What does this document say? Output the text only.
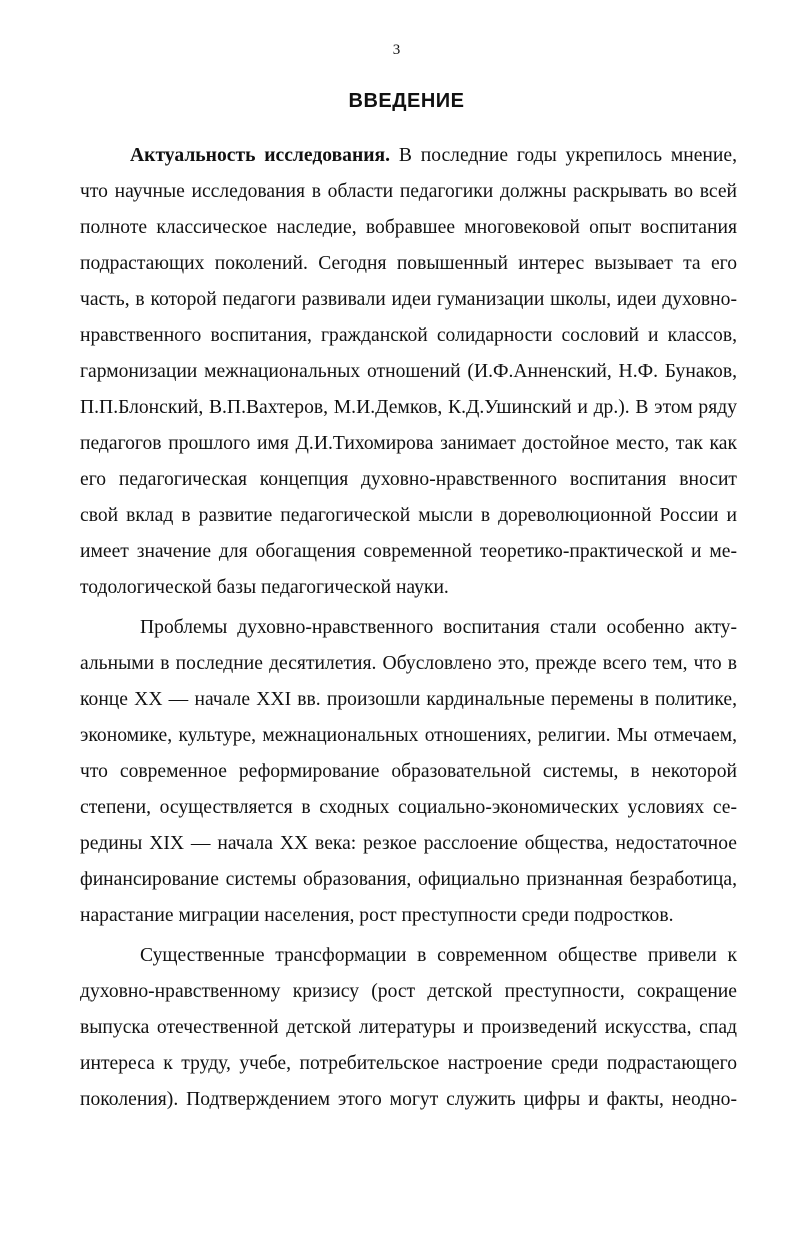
3
ВВЕДЕНИЕ
Актуальность исследования. В последние годы укрепилось мнение,
что научные исследования в области педагогики должны раскрывать во всей
полноте классическое наследие, вобравшее многовековой опыт воспитания
подрастающих поколений. Сегодня повышенный интерес вызывает та его
часть, в которой педагоги развивали идеи гуманизации школы, идеи духовно-
нравственного воспитания, гражданской солидарности сословий и классов,
гармонизации межнациональных отношений (И.Ф.Анненский, Н.Ф. Бунаков,
П.П.Блонский, В.П.Вахтеров, М.И.Демков, К.Д.Ушинский и др.). В этом ряду
педагогов прошлого имя Д.И.Тихомирова занимает достойное место, так как
его педагогическая концепция духовно-нравственного воспитания вносит
свой вклад в развитие педагогической мысли в дореволюционной России и
имеет значение для обогащения современной теоретико-практической и ме-
тодологической базы педагогической науки.
Проблемы духовно-нравственного воспитания стали особенно акту-
альными в последние десятилетия. Обусловлено это, прежде всего тем, что в
конце XX — начале XXI вв. произошли кардинальные перемены в политике,
экономике, культуре, межнациональных отношениях, религии. Мы отмечаем,
что современное реформирование образовательной системы, в некоторой
степени, осуществляется в сходных социально-экономических условиях се-
редины XIX — начала XX века: резкое расслоение общества, недостаточное
финансирование системы образования, официально признанная безработица,
нарастание миграции населения, рост преступности среди подростков.
Существенные трансформации в современном обществе привели к
духовно-нравственному кризису (рост детской преступности, сокращение
выпуска отечественной детской литературы и произведений искусства, спад
интереса к труду, учебе, потребительское настроение среди подрастающего
поколения). Подтверждением этого могут служить цифры и факты, неодно-
